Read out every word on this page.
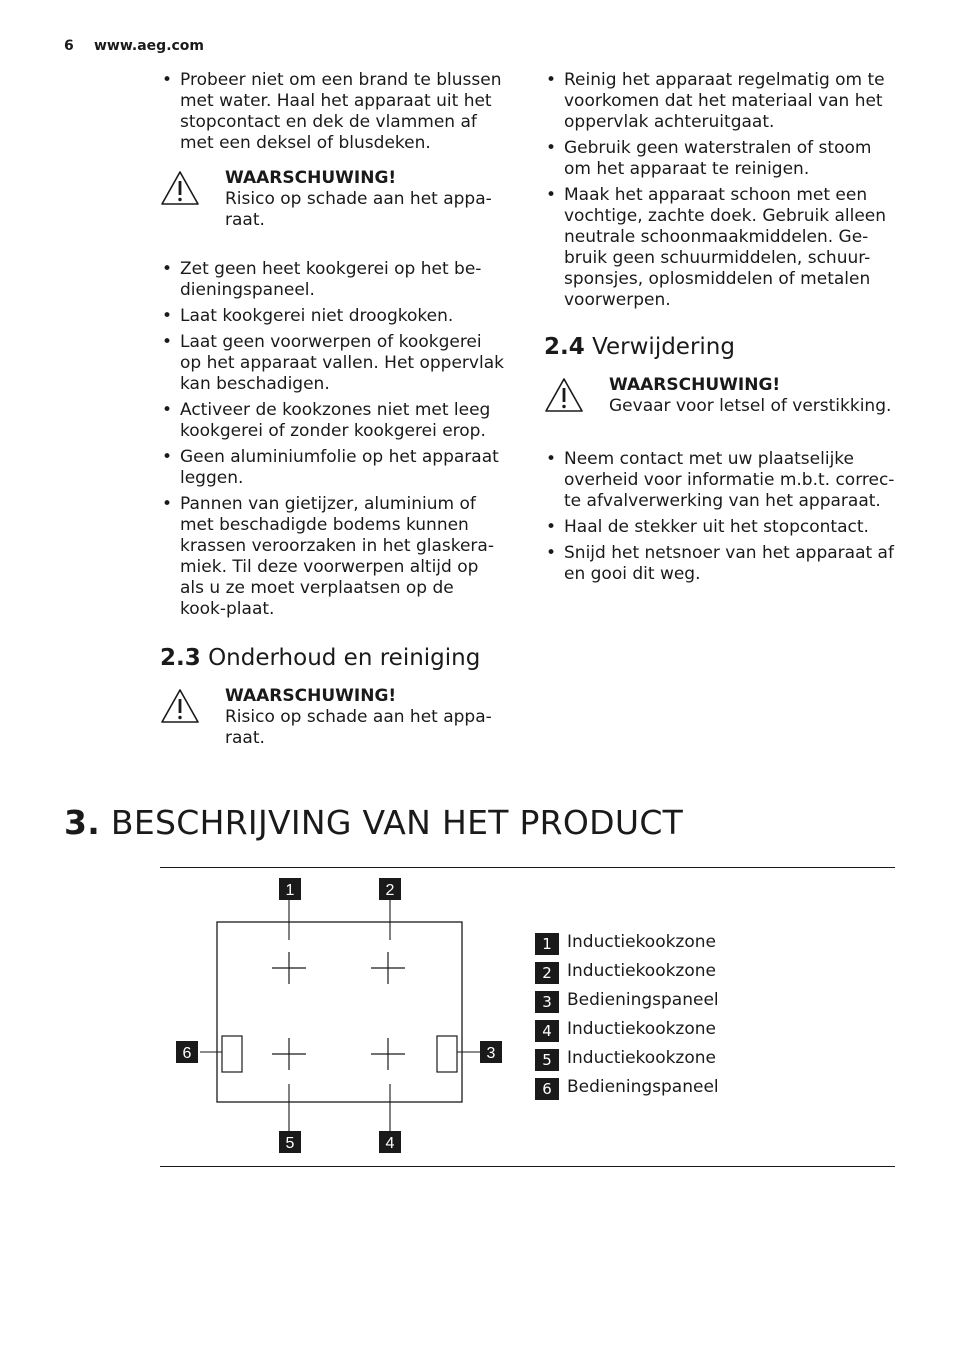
6 www.aeg.com
• Probeer niet om een brand te blussen met water. Haal het apparaat uit het stopcontact en dek de vlammen af met een deksel of blusdeken.
WAARSCHUWING!
Risico op schade aan het appa-raat.
• Zet geen heet kookgerei op het be-dieningspaneel.
• Laat kookgerei niet droogkoken.
• Laat geen voorwerpen of kookgerei op het apparaat vallen. Het oppervlak kan beschadigen.
• Activeer de kookzones niet met leeg kookgerei of zonder kookgerei erop.
• Geen aluminiumfolie op het apparaat leggen.
• Pannen van gietijzer, aluminium of met beschadigde bodems kunnen krassen veroorzaken in het glaskera-miek. Til deze voorwerpen altijd op als u ze moet verplaatsen op de kook-plaat.
2.3 Onderhoud en reiniging
WAARSCHUWING!
Risico op schade aan het appa-raat.
• Reinig het apparaat regelmatig om te voorkomen dat het materiaal van het oppervlak achteruitgaat.
• Gebruik geen waterstralen of stoom om het apparaat te reinigen.
• Maak het apparaat schoon met een vochtige, zachte doek. Gebruik alleen neutrale schoonmaakmiddelen. Ge-bruik geen schuurmiddelen, schuur-sponsjes, oplosmiddelen of metalen voorwerpen.
2.4 Verwijdering
WAARSCHUWING!
Gevaar voor letsel of verstikking.
• Neem contact met uw plaatselijke overheid voor informatie m.b.t. correc-te afvalverwerking van het apparaat.
• Haal de stekker uit het stopcontact.
• Snijd het netsnoer van het apparaat af en gooi dit weg.
3. BESCHRIJVING VAN HET PRODUCT
1	2
3
4
5
6
1 Inductiekookzone
2 Inductiekookzone
3 Bedieningspaneel
4 Inductiekookzone
5 Inductiekookzone
6 Bedieningspaneel
